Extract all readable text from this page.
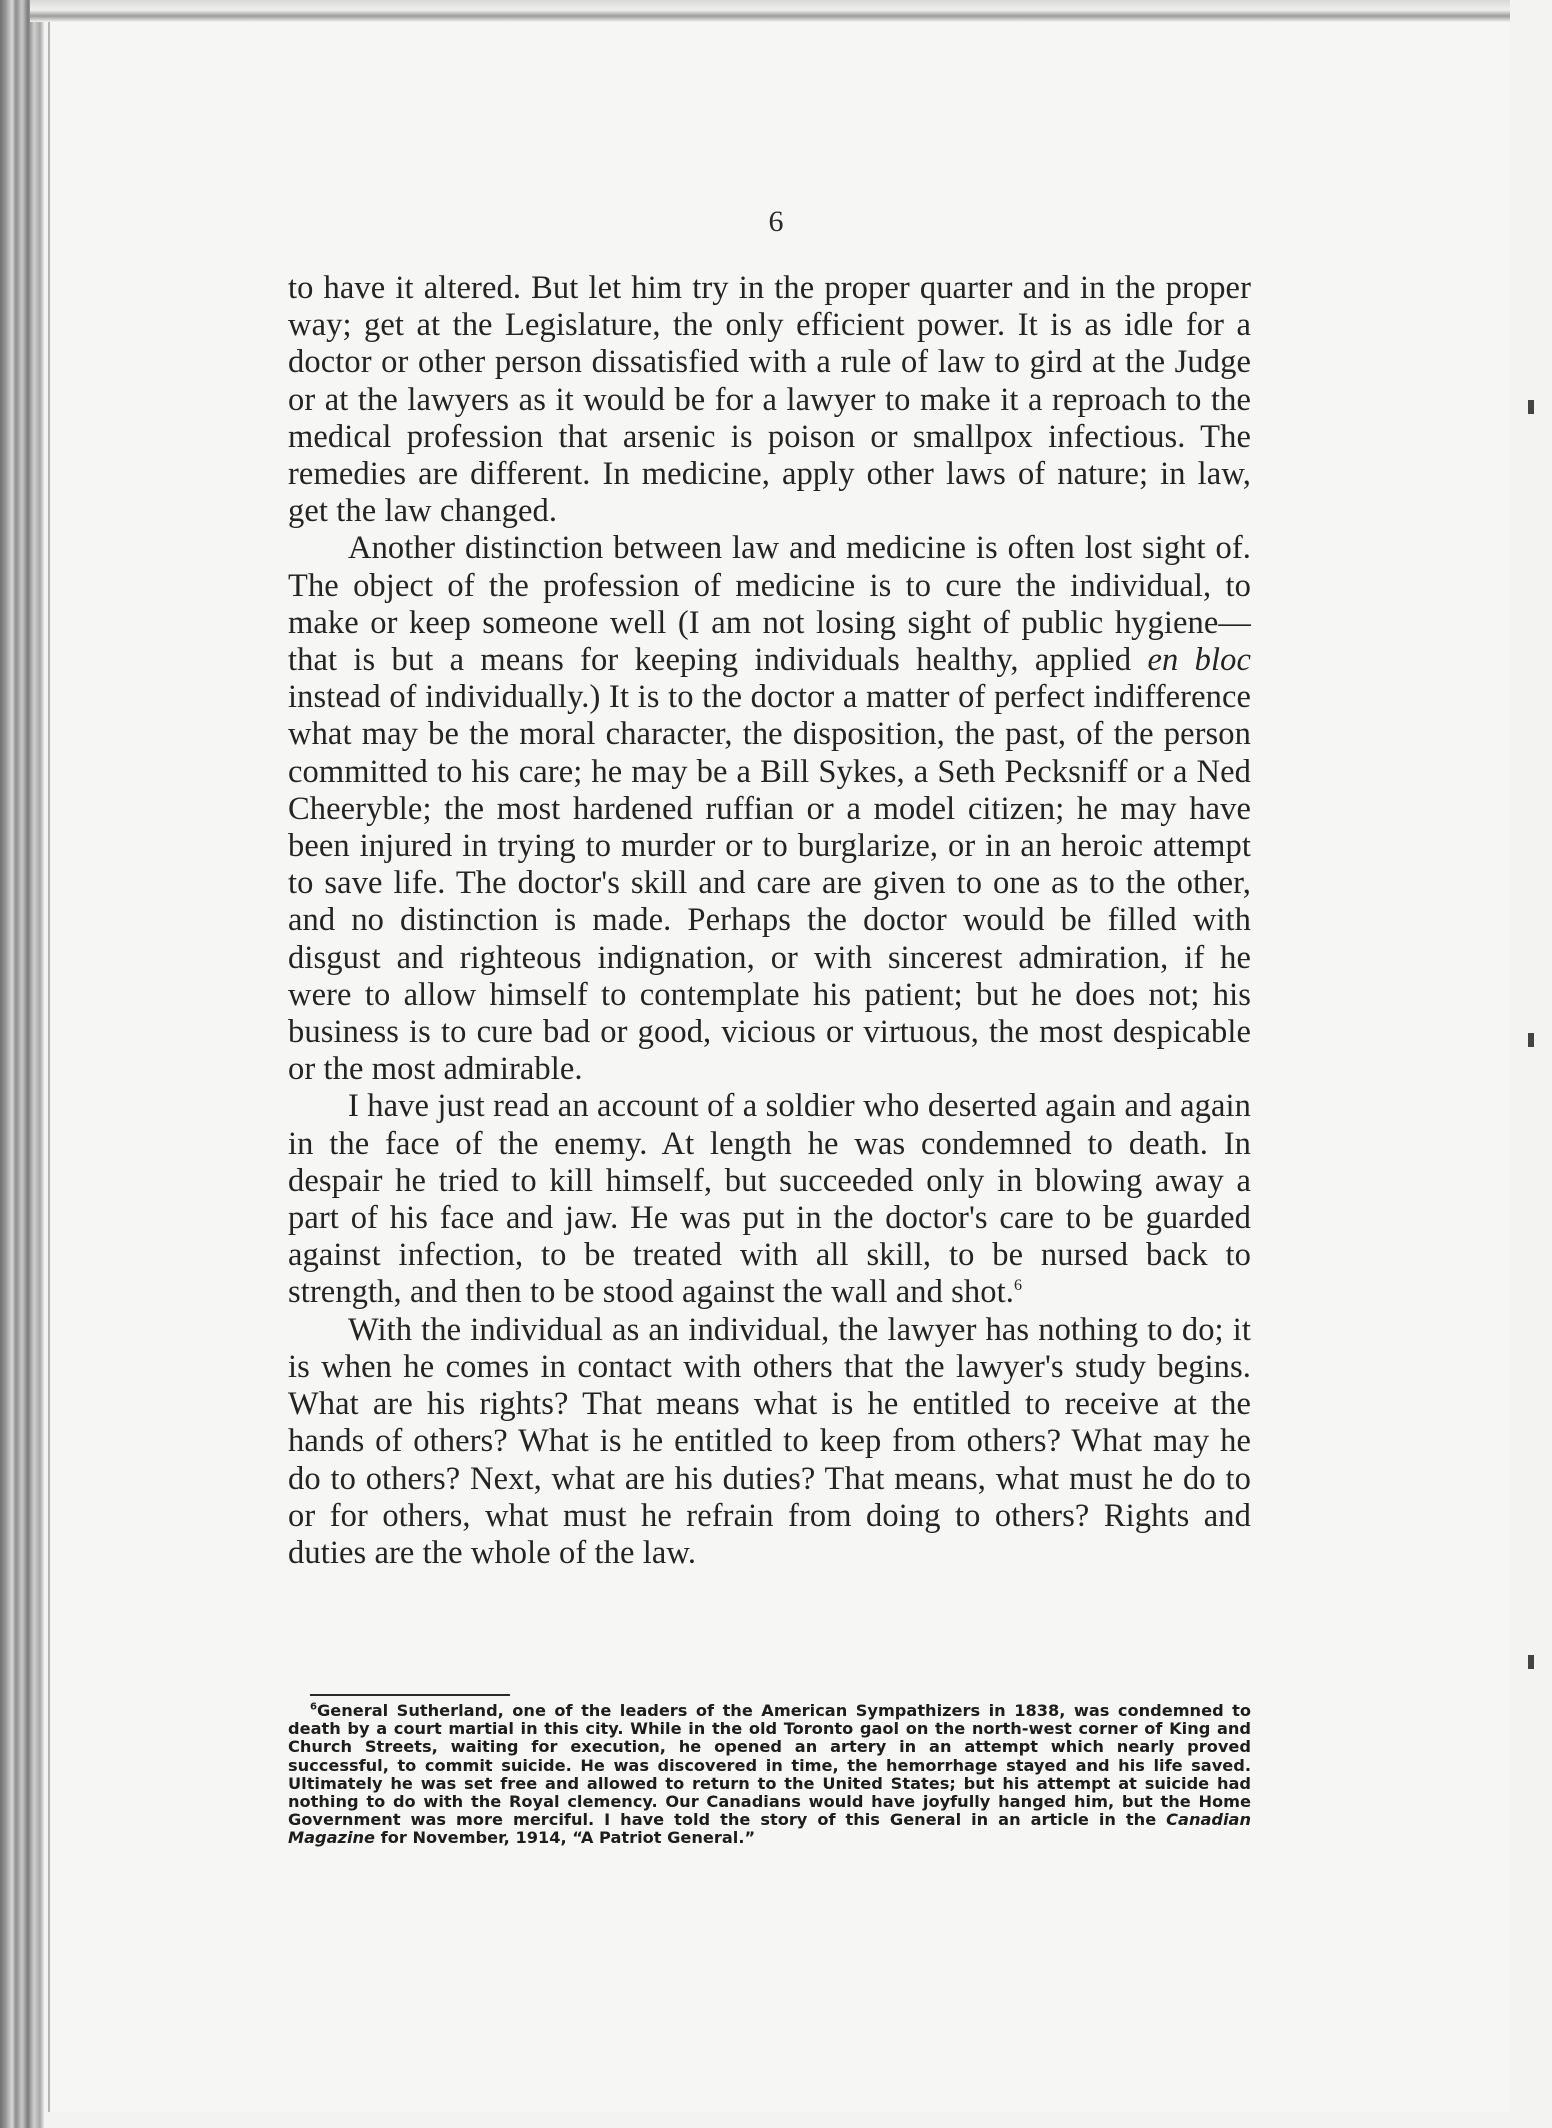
6

to have it altered. But let him try in the proper quarter and in the proper way; get at the Legislature, the only efficient power. It is as idle for a doctor or other person dissatisfied with a rule of law to gird at the Judge or at the lawyers as it would be for a lawyer to make it a reproach to the medical profession that arsenic is poison or smallpox infectious. The remedies are different. In medicine, apply other laws of nature; in law, get the law changed.

Another distinction between law and medicine is often lost sight of. The object of the profession of medicine is to cure the individual, to make or keep someone well (I am not losing sight of public hygiene—that is but a means for keeping individuals healthy, applied en bloc instead of individually.) It is to the doctor a matter of perfect indifference what may be the moral character, the disposition, the past, of the person committed to his care; he may be a Bill Sykes, a Seth Pecksniff or a Ned Cheeryble; the most hardened ruffian or a model citizen; he may have been injured in trying to murder or to burglarize, or in an heroic attempt to save life. The doctor's skill and care are given to one as to the other, and no distinction is made. Perhaps the doctor would be filled with disgust and righteous indignation, or with sincerest admiration, if he were to allow himself to contemplate his patient; but he does not; his business is to cure bad or good, vicious or virtuous, the most despicable or the most admirable.

I have just read an account of a soldier who deserted again and again in the face of the enemy. At length he was condemned to death. In despair he tried to kill himself, but succeeded only in blowing away a part of his face and jaw. He was put in the doctor's care to be guarded against infection, to be treated with all skill, to be nursed back to strength, and then to be stood against the wall and shot.$^6$

With the individual as an individual, the lawyer has nothing to do; it is when he comes in contact with others that the lawyer's study begins. What are his rights? That means what is he entitled to receive at the hands of others? What is he entitled to keep from others? What may he do to others? Next, what are his duties? That means, what must he do to or for others, what must he refrain from doing to others? Rights and duties are the whole of the law.

$^6$General Sutherland, one of the leaders of the American Sympathizers in 1838, was condemned to death by a court martial in this city. While in the old Toronto gaol on the north-west corner of King and Church Streets, waiting for execution, he opened an artery in an attempt which nearly proved successful, to commit suicide. He was discovered in time, the hemorrhage stayed and his life saved. Ultimately he was set free and allowed to return to the United States; but his attempt at suicide had nothing to do with the Royal clemency. Our Canadians would have joyfully hanged him, but the Home Government was more merciful. I have told the story of this General in an article in the Canadian Magazine for November, 1914, “A Patriot General.”
